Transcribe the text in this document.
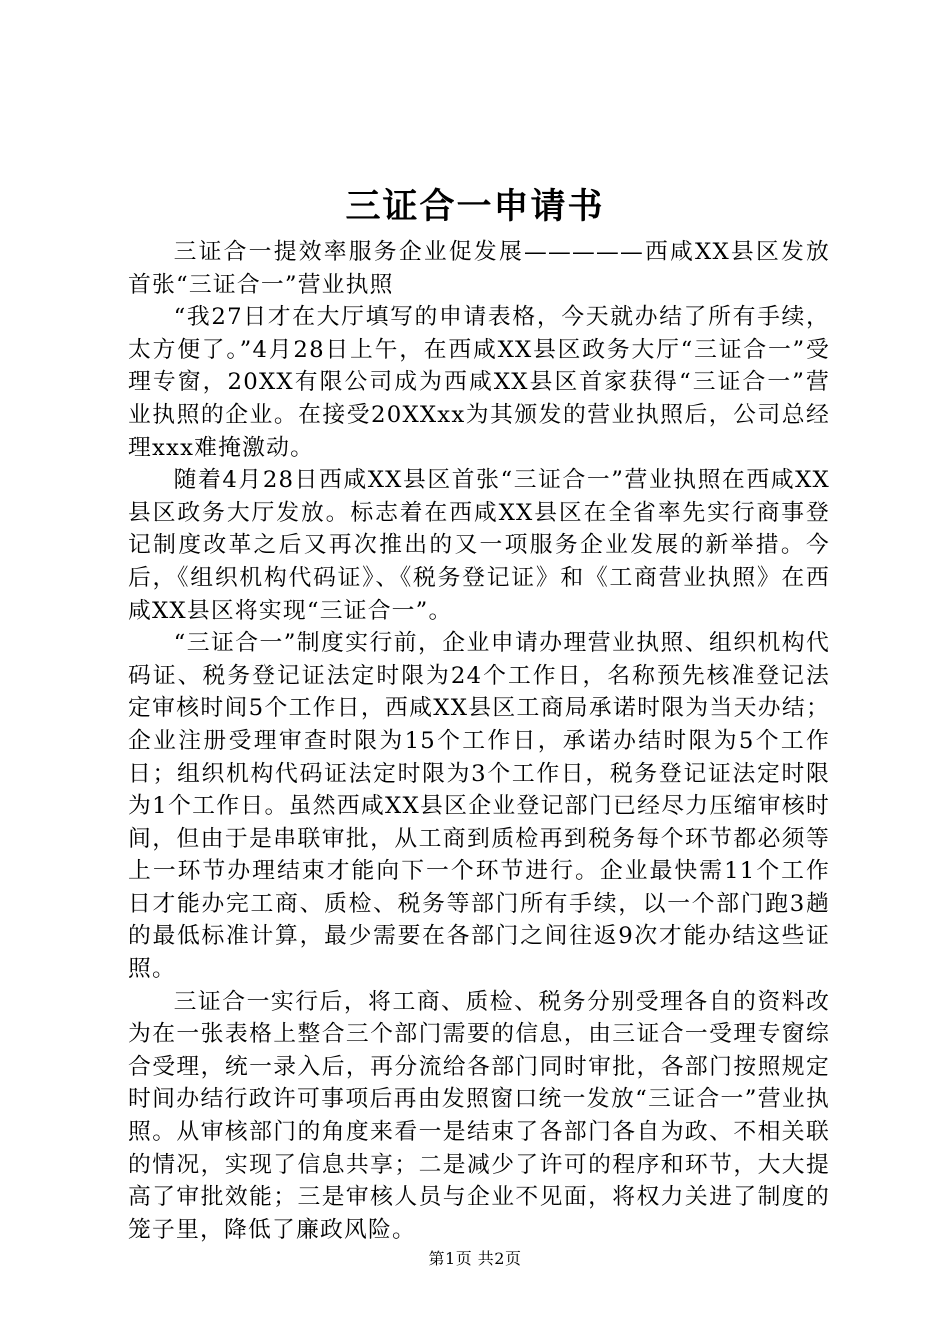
三证合一申请书

三证合一提效率服务企业促发展—————西咸XX县区发放首张“三证合一”营业执照

“我27日才在大厅填写的申请表格，今天就办结了所有手续，太方便了。”4月28日上午，在西咸XX县区政务大厅“三证合一”受理专窗，20XX有限公司成为西咸XX县区首家获得“三证合一”营业执照的企业。在接受20XXxx为其颁发的营业执照后，公司总经理xxx难掩激动。

随着4月28日西咸XX县区首张“三证合一”营业执照在西咸XX县区政务大厅发放。标志着在西咸XX县区在全省率先实行商事登记制度改革之后又再次推出的又一项服务企业发展的新举措。今后，《组织机构代码证》、《税务登记证》和《工商营业执照》在西咸XX县区将实现“三证合一”。

“三证合一”制度实行前，企业申请办理营业执照、组织机构代码证、税务登记证法定时限为24个工作日，名称预先核准登记法定审核时间5个工作日，西咸XX县区工商局承诺时限为当天办结；企业注册受理审查时限为15个工作日，承诺办结时限为5个工作日；组织机构代码证法定时限为3个工作日，税务登记证法定时限为1个工作日。虽然西咸XX县区企业登记部门已经尽力压缩审核时间，但由于是串联审批，从工商到质检再到税务每个环节都必须等上一环节办理结束才能向下一个环节进行。企业最快需11个工作日才能办完工商、质检、税务等部门所有手续，以一个部门跑3趟的最低标准计算，最少需要在各部门之间往返9次才能办结这些证照。

三证合一实行后，将工商、质检、税务分别受理各自的资料改为在一张表格上整合三个部门需要的信息，由三证合一受理专窗综合受理，统一录入后，再分流给各部门同时审批，各部门按照规定时间办结行政许可事项后再由发照窗口统一发放“三证合一”营业执照。从审核部门的角度来看一是结束了各部门各自为政、不相关联的情况，实现了信息共享；二是减少了许可的程序和环节，大大提高了审批效能；三是审核人员与企业不见面，将权力关进了制度的笼子里，降低了廉政风险。

第1页 共2页
